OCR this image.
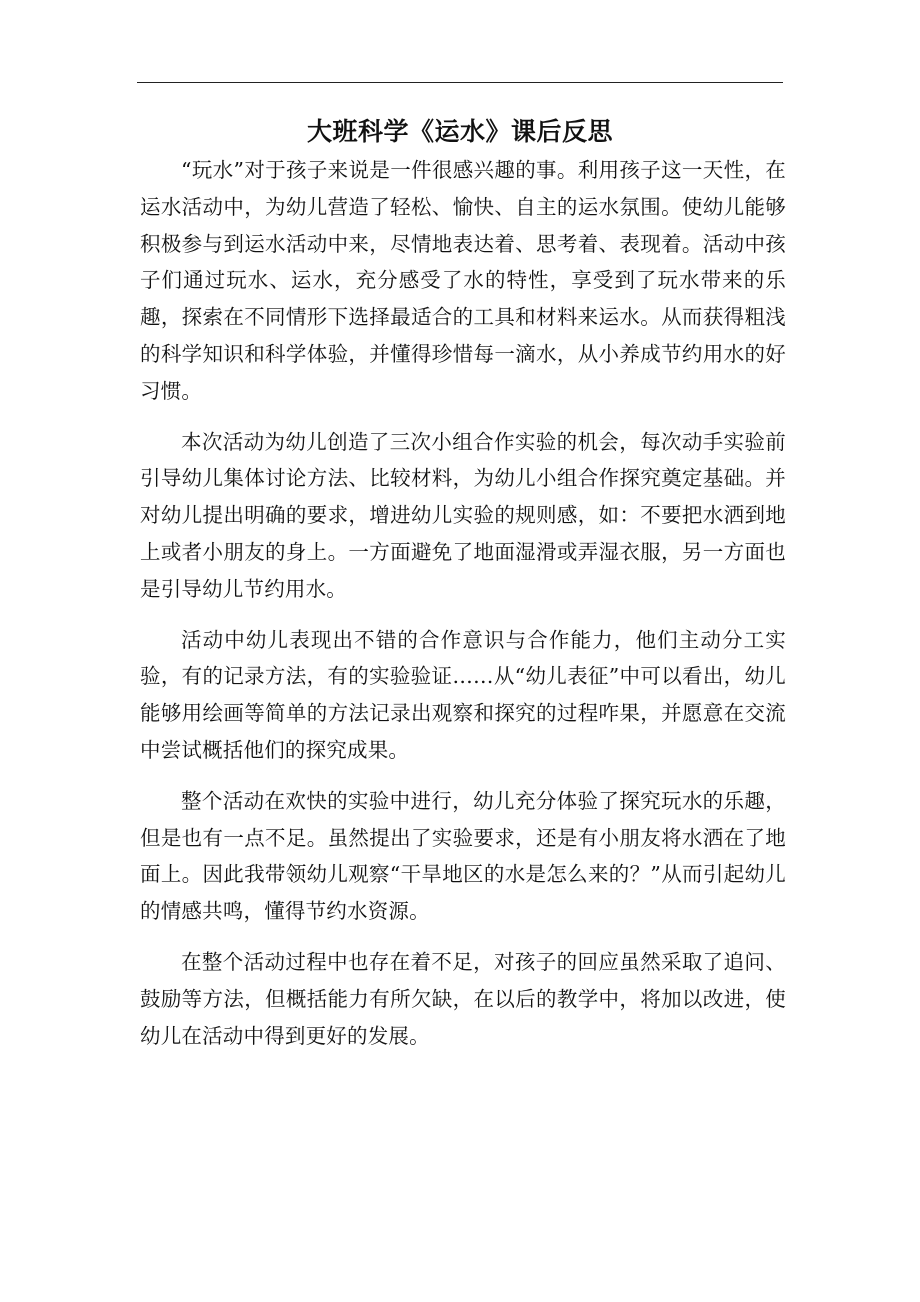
大班科学《运水》课后反思

“玩水”对于孩子来说是一件很感兴趣的事。利用孩子这一天性，在运水活动中，为幼儿营造了轻松、愉快、自主的运水氛围。使幼儿能够积极参与到运水活动中来，尽情地表达着、思考着、表现着。活动中孩子们通过玩水、运水，充分感受了水的特性，享受到了玩水带来的乐趣，探索在不同情形下选择最适合的工具和材料来运水。从而获得粗浅的科学知识和科学体验，并懂得珍惜每一滴水，从小养成节约用水的好习惯。

本次活动为幼儿创造了三次小组合作实验的机会，每次动手实验前引导幼儿集体讨论方法、比较材料，为幼儿小组合作探究奠定基础。并对幼儿提出明确的要求，增进幼儿实验的规则感，如：不要把水洒到地上或者小朋友的身上。一方面避免了地面湿滑或弄湿衣服，另一方面也是引导幼儿节约用水。

活动中幼儿表现出不错的合作意识与合作能力，他们主动分工实验，有的记录方法，有的实验验证……从“幼儿表征”中可以看出，幼儿能够用绘画等简单的方法记录出观察和探究的过程咋果，并愿意在交流中尝试概括他们的探究成果。

整个活动在欢快的实验中进行，幼儿充分体验了探究玩水的乐趣，但是也有一点不足。虽然提出了实验要求，还是有小朋友将水洒在了地面上。因此我带领幼儿观察“干旱地区的水是怎么来的？”从而引起幼儿的情感共鸣，懂得节约水资源。

在整个活动过程中也存在着不足，对孩子的回应虽然采取了追问、鼓励等方法，但概括能力有所欠缺，在以后的教学中，将加以改进，使幼儿在活动中得到更好的发展。
